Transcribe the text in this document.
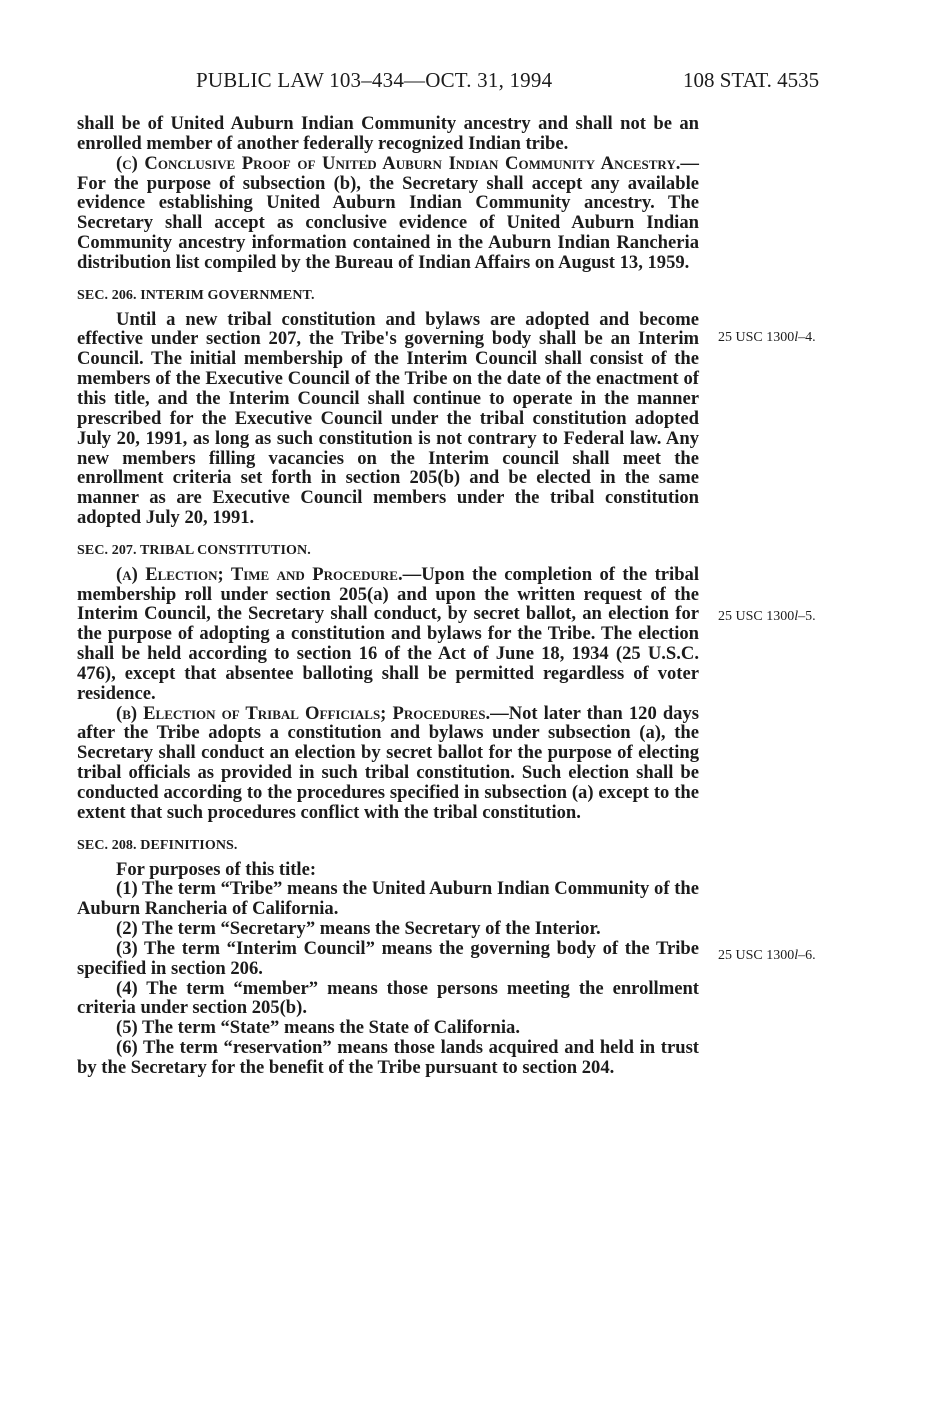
PUBLIC LAW 103–434—OCT. 31, 1994	108 STAT. 4535
25 USC 1300l–4.
25 USC 1300l–5.
25 USC 1300l–6.

shall be of United Auburn Indian Community ancestry and shall not be an enrolled member of another federally recognized Indian tribe.

(c) Conclusive Proof of United Auburn Indian Community Ancestry.—For the purpose of subsection (b), the Secretary shall accept any available evidence establishing United Auburn Indian Community ancestry. The Secretary shall accept as conclusive evidence of United Auburn Indian Community ancestry information contained in the Auburn Indian Rancheria distribution list compiled by the Bureau of Indian Affairs on August 13, 1959.

SEC. 206. INTERIM GOVERNMENT.

Until a new tribal constitution and bylaws are adopted and become effective under section 207, the Tribe's governing body shall be an Interim Council. The initial membership of the Interim Council shall consist of the members of the Executive Council of the Tribe on the date of the enactment of this title, and the Interim Council shall continue to operate in the manner prescribed for the Executive Council under the tribal constitution adopted July 20, 1991, as long as such constitution is not contrary to Federal law. Any new members filling vacancies on the Interim council shall meet the enrollment criteria set forth in section 205(b) and be elected in the same manner as are Executive Council members under the tribal constitution adopted July 20, 1991.

SEC. 207. TRIBAL CONSTITUTION.

(a) Election; Time and Procedure.—Upon the completion of the tribal membership roll under section 205(a) and upon the written request of the Interim Council, the Secretary shall conduct, by secret ballot, an election for the purpose of adopting a constitution and bylaws for the Tribe. The election shall be held according to section 16 of the Act of June 18, 1934 (25 U.S.C. 476), except that absentee balloting shall be permitted regardless of voter residence.

(b) Election of Tribal Officials; Procedures.—Not later than 120 days after the Tribe adopts a constitution and bylaws under subsection (a), the Secretary shall conduct an election by secret ballot for the purpose of electing tribal officials as provided in such tribal constitution. Such election shall be conducted according to the procedures specified in subsection (a) except to the extent that such procedures conflict with the tribal constitution.

SEC. 208. DEFINITIONS.

For purposes of this title:

(1) The term “Tribe” means the United Auburn Indian Community of the Auburn Rancheria of California.

(2) The term “Secretary” means the Secretary of the Interior.

(3) The term “Interim Council” means the governing body of the Tribe specified in section 206.

(4) The term “member” means those persons meeting the enrollment criteria under section 205(b).

(5) The term “State” means the State of California.

(6) The term “reservation” means those lands acquired and held in trust by the Secretary for the benefit of the Tribe pursuant to section 204.
